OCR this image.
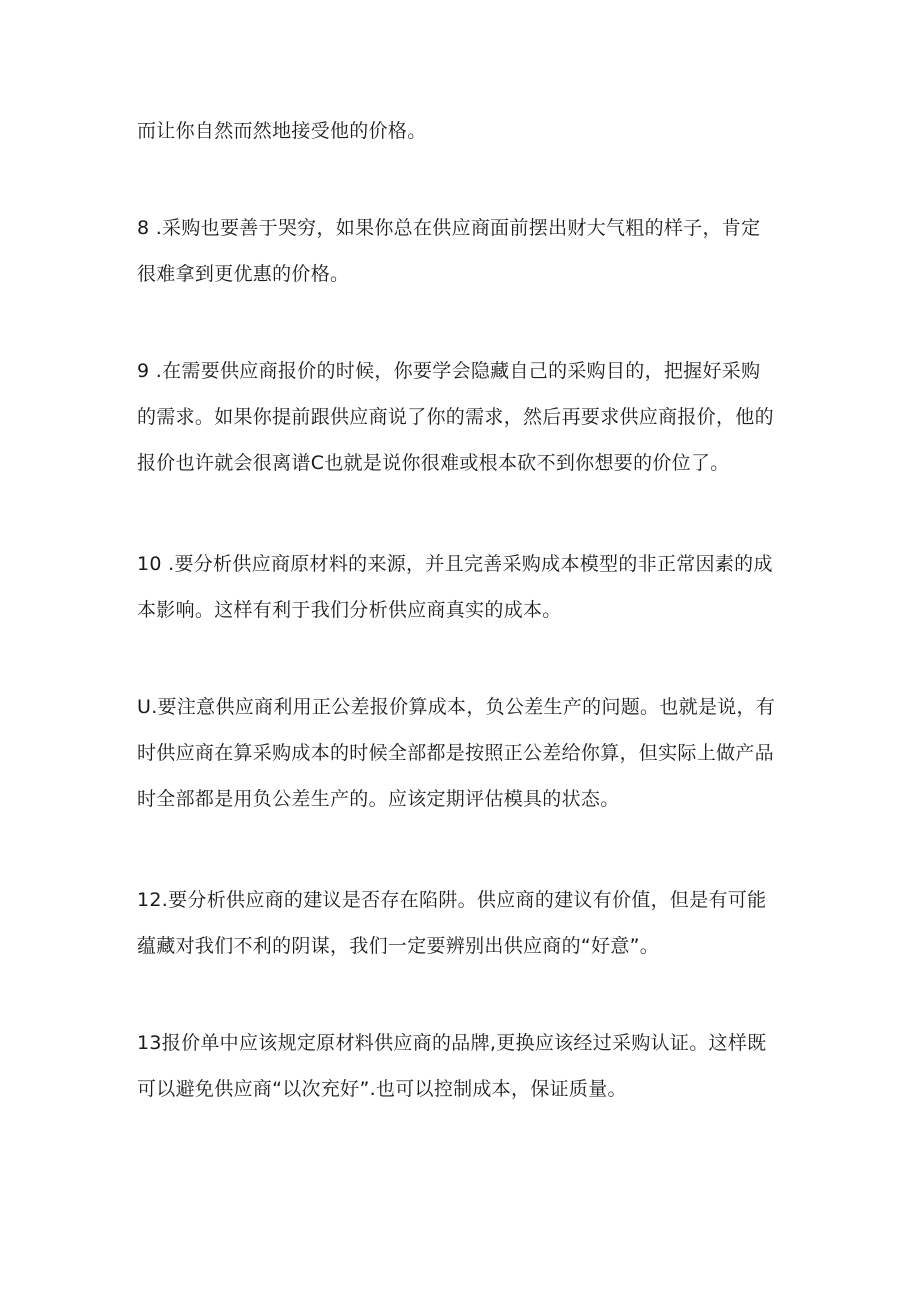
而让你自然而然地接受他的价格。

8 .采购也要善于哭穷，如果你总在供应商面前摆出财大气粗的样子，肯定
很难拿到更优惠的价格。

9 .在需要供应商报价的时候，你要学会隐藏自己的采购目的，把握好采购
的需求。如果你提前跟供应商说了你的需求，然后再要求供应商报价，他的
报价也许就会很离谱C也就是说你很难或根本砍不到你想要的价位了。

10 .要分析供应商原材料的来源，并且完善采购成本模型的非正常因素的成
本影响。这样有利于我们分析供应商真实的成本。

U.要注意供应商利用正公差报价算成本，负公差生产的问题。也就是说，有
时供应商在算采购成本的时候全部都是按照正公差给你算，但实际上做产品
时全部都是用负公差生产的。应该定期评估模具的状态。

12.要分析供应商的建议是否存在陷阱。供应商的建议有价值，但是有可能
蕴藏对我们不利的阴谋，我们一定要辨别出供应商的“好意”。

13报价单中应该规定原材料供应商的品牌,更换应该经过采购认证。这样既
可以避免供应商“以次充好”.也可以控制成本，保证质量。
